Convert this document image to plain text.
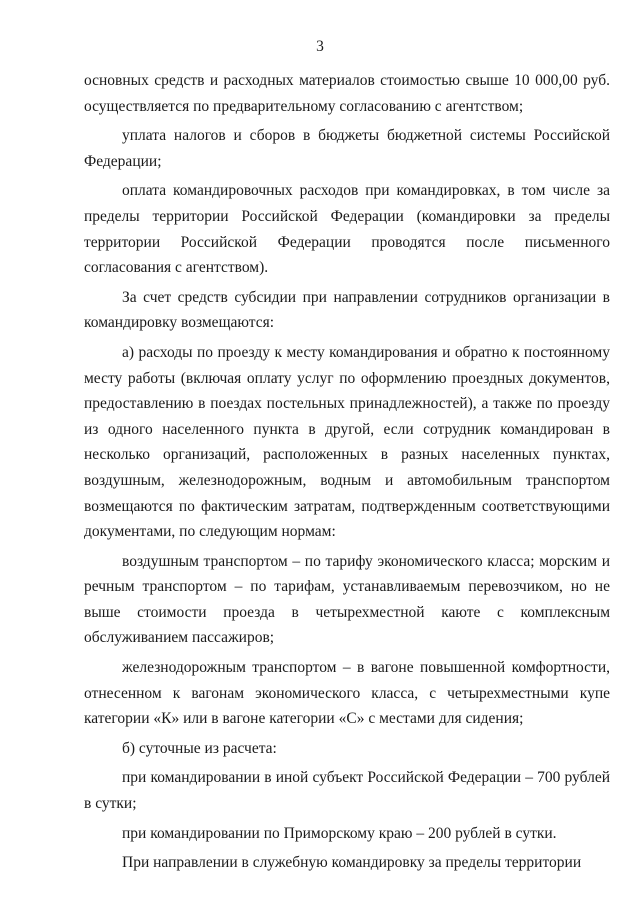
3

основных средств и расходных материалов стоимостью свыше 10 000,00 руб. осуществляется по предварительному согласованию с агентством;

уплата налогов и сборов в бюджеты бюджетной системы Российской Федерации;

оплата командировочных расходов при командировках, в том числе за пределы территории Российской Федерации (командировки за пределы территории Российской Федерации проводятся после письменного согласования с агентством).

За счет средств субсидии при направлении сотрудников организации в командировку возмещаются:

а) расходы по проезду к месту командирования и обратно к постоянному месту работы (включая оплату услуг по оформлению проездных документов, предоставлению в поездах постельных принадлежностей), а также по проезду из одного населенного пункта в другой, если сотрудник командирован в несколько организаций, расположенных в разных населенных пунктах, воздушным, железнодорожным, водным и автомобильным транспортом возмещаются по фактическим затратам, подтвержденным соответствующими документами, по следующим нормам:

воздушным транспортом – по тарифу экономического класса; морским и речным транспортом – по тарифам, устанавливаемым перевозчиком, но не выше стоимости проезда в четырехместной каюте с комплексным обслуживанием пассажиров;

железнодорожным транспортом – в вагоне повышенной комфортности, отнесенном к вагонам экономического класса, с четырехместными купе категории «К» или в вагоне категории «С» с местами для сидения;

б) суточные из расчета:

при командировании в иной субъект Российской Федерации – 700 рублей в сутки;

при командировании по Приморскому краю – 200 рублей в сутки.

При направлении в служебную командировку за пределы территории
